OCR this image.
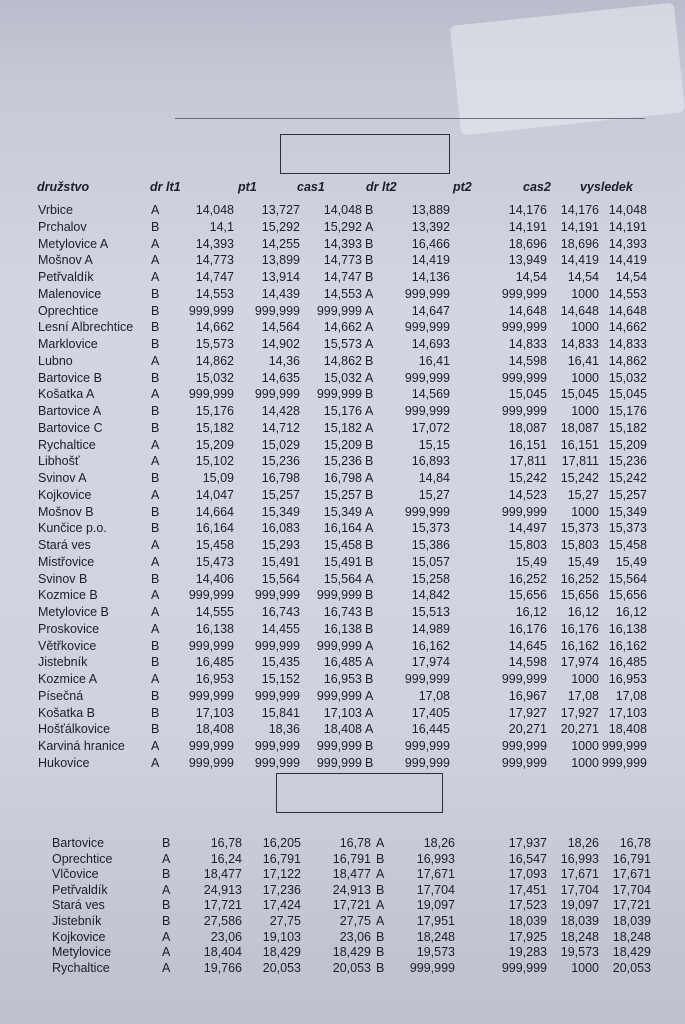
družstvo	dr lt1	pt1	cas1	dr lt2	pt2	cas2 vysledek
Vrbice	A	14,048 13,727 14,048 B	13,889	14,176 14,176 14,048
Prchalov	B	14,1 15,292 15,292 A	13,392	14,191 14,191 14,191
Metylovice A	A	14,393 14,255 14,393 B	16,466	18,696 18,696 14,393
Mošnov A	A	14,773 13,899 14,773 B	14,419	13,949 14,419 14,419
Petřvaldík	A	14,747 13,914 14,747 B	14,136	14,54 14,54 14,54
Malenovice	B	14,553 14,439 14,553 A	999,999	999,999 1000 14,553
Oprechtice	B 999,999 999,999 999,999 A	14,647	14,648 14,648 14,648
Lesní Albrechtice B	14,662 14,564 14,662 A	999,999	999,999 1000 14,662
Marklovice	B	15,573 14,902 15,573 A	14,693	14,833 14,833 14,833
Lubno	A	14,862	14,36 14,862 B	16,41	14,598 16,41 14,862
Bartovice B	B	15,032 14,635 15,032 A	999,999	999,999 1000 15,032
Košatka A	A 999,999 999,999 999,999 B	14,569	15,045 15,045 15,045
Bartovice A	B	15,176 14,428 15,176 A	999,999	999,999 1000 15,176
Bartovice C	B	15,182 14,712 15,182 A	17,072	18,087 18,087 15,182
Rychaltice	A	15,209 15,029 15,209 B	15,15	16,151 16,151 15,209
Libhošť	A	15,102 15,236 15,236 B	16,893	17,811 17,811 15,236
Svinov A	B	15,09 16,798 16,798 A	14,84	15,242 15,242 15,242
Kojkovice	A	14,047 15,257 15,257 B	15,27	14,523 15,27 15,257
Mošnov B	B	14,664 15,349 15,349 A	999,999	999,999 1000 15,349
Kunčice p.o.	B	16,164 16,083 16,164 A	15,373	14,497 15,373 15,373
Stará ves	A	15,458 15,293 15,458 B	15,386	15,803 15,803 15,458
Mistřovice	A	15,473 15,491 15,491 B	15,057	15,49 15,49 15,49
Svinov B	B	14,406 15,564 15,564 A	15,258	16,252 16,252 15,564
Kozmice B	A 999,999 999,999 999,999 B	14,842	15,656 15,656 15,656
Metylovice B	A	14,555 16,743 16,743 B	15,513	16,12 16,12 16,12
Proskovice	A	16,138 14,455 16,138 B	14,989	16,176 16,176 16,138
Větřkovice	B 999,999 999,999 999,999 A	16,162	14,645 16,162 16,162
Jistebník	B	16,485 15,435 16,485 A	17,974	14,598 17,974 16,485
Kozmice A	A	16,953 15,152 16,953 B	999,999	999,999 1000 16,953
Písečná	B 999,999 999,999 999,999 A	17,08	16,967 17,08 17,08
Košatka B	B	17,103 15,841 17,103 A	17,405	17,927 17,927 17,103
Hošťálkovice	B	18,408	18,36 18,408 A	16,445	20,271 20,271 18,408
Karviná hranice A 999,999 999,999 999,999 B	999,999	999,999 1000 999,999
Hukovice	A 999,999 999,999 999,999 B	999,999	999,999 1000 999,999
Bartovice	B	16,78 16,205	16,78 A	18,26	17,937 18,26 16,78
Oprechtice	A	16,24 16,791	16,791 B	16,993	16,547 16,993 16,791
Vlčovice	B	18,477 17,122	18,477 A	17,671	17,093 17,671 17,671
Petřvaldík	A	24,913 17,236	24,913 B	17,704	17,451 17,704 17,704
Stará ves	B	17,721 17,424	17,721 A	19,097	17,523 19,097 17,721
Jistebník	B	27,586 27,75	27,75 A	17,951	18,039 18,039 18,039
Kojkovice	A	23,06 19,103	23,06 B	18,248	17,925 18,248 18,248
Metylovice	A	18,404 18,429	18,429 B	19,573	19,283 19,573 18,429
Rychaltice	A	19,766 20,053	20,053 B 999,999	999,999 1000 20,053
